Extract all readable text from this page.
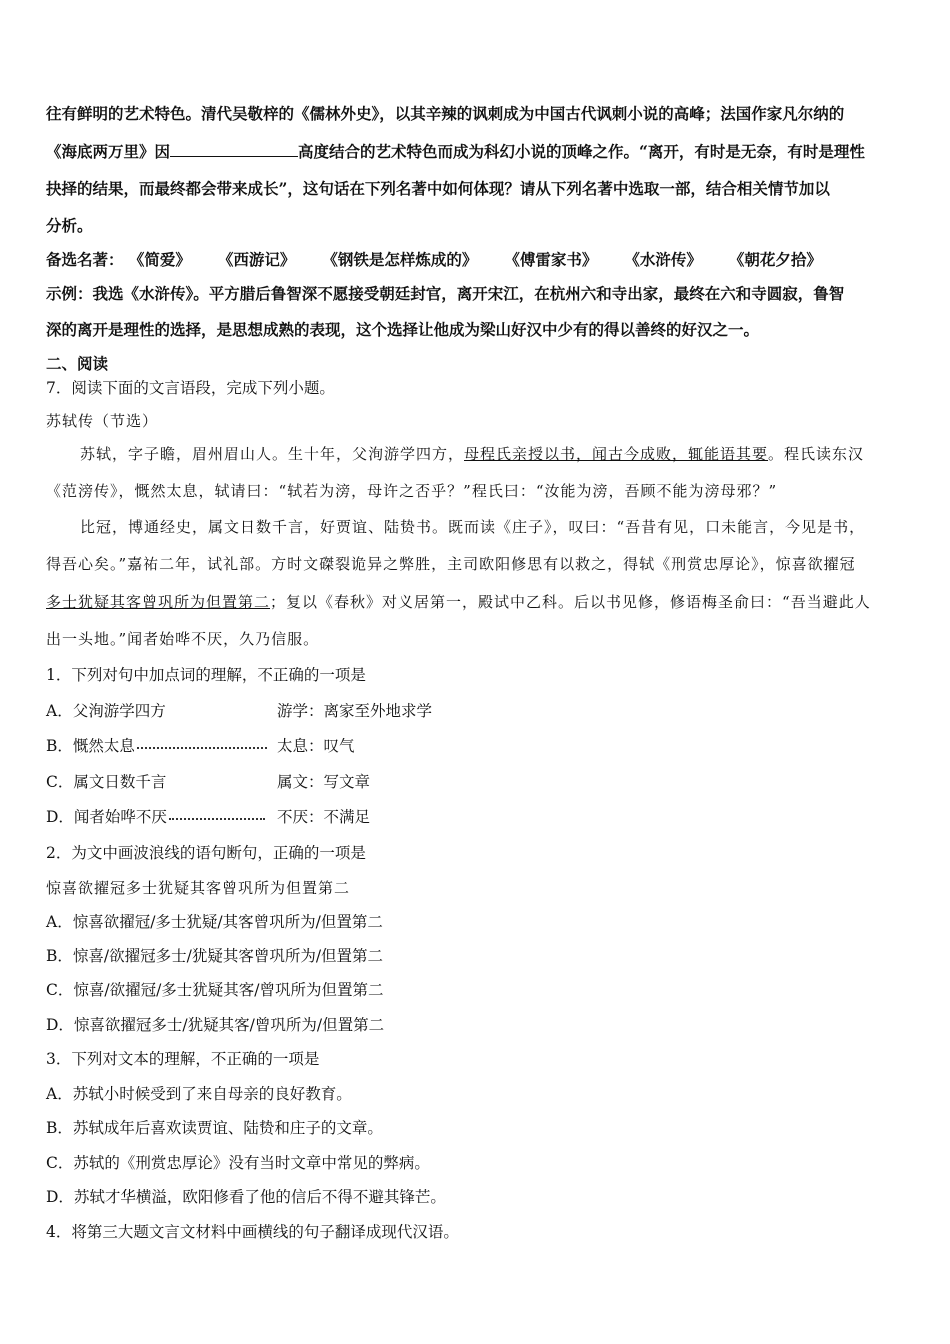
往有鲜明的艺术特色。清代吴敬梓的《儒林外史》，以其辛辣的讽刺成为中国古代讽刺小说的高峰；法国作家凡尔纳的
《海底两万里》因	高度结合的艺术特色而成为科幻小说的顶峰之作。“离开，有时是无奈，有时是理性
抉择的结果，而最终都会带来成长”，这句话在下列名著中如何体现？请从下列名著中选取一部，结合相关情节加以
分析。
备选名著： 《简爱》 《西游记》 《钢铁是怎样炼成的》 《傅雷家书》 《水浒传》 《朝花夕拾》
示例：我选《水浒传》。平方腊后鲁智深不愿接受朝廷封官，离开宋江，在杭州六和寺出家，最终在六和寺圆寂，鲁智
深的离开是理性的选择，是思想成熟的表现，这个选择让他成为梁山好汉中少有的得以善终的好汉之一。
二、阅读
7．阅读下面的文言语段，完成下列小题。
苏轼传（节选）
苏轼，字子瞻，眉州眉山人。生十年，父洵游学四方，母程氏亲授以书，闻古今成败，辄能语其要。程氏读东汉
《范滂传》，慨然太息，轼请曰：“轼若为滂，母许之否乎？”程氏曰：“汝能为滂，吾顾不能为滂母邪？”
比冠，博通经史，属文日数千言，好贾谊、陆贽书。既而读《庄子》，叹曰：“吾昔有见，口未能言，今见是书，
得吾心矣。”嘉祐二年，试礼部。方时文磔裂诡异之弊胜，主司欧阳修思有以救之，得轼《刑赏忠厚论》，惊喜欲擢冠
多士犹疑其客曾巩所为但置第二；复以《春秋》对义居第一，殿试中乙科。后以书见修，修语梅圣俞曰：“吾当避此人
出一头地。”闻者始哗不厌，久乃信服。
1．下列对句中加点词的理解，不正确的一项是
A．父洵游学四方	游学：离家至外地求学
B．慨然太息	太息：叹气
C．属文日数千言	属文：写文章
D．闻者始哗不厌	不厌：不满足
2．为文中画波浪线的语句断句，正确的一项是
惊喜欲擢冠多士犹疑其客曾巩所为但置第二
A．惊喜欲擢冠/多士犹疑/其客曾巩所为/但置第二
B．惊喜/欲擢冠多士/犹疑其客曾巩所为/但置第二
C．惊喜/欲擢冠/多士犹疑其客/曾巩所为但置第二
D．惊喜欲擢冠多士/犹疑其客/曾巩所为/但置第二
3．下列对文本的理解，不正确的一项是
A．苏轼小时候受到了来自母亲的良好教育。
B．苏轼成年后喜欢读贾谊、陆贽和庄子的文章。
C．苏轼的《刑赏忠厚论》没有当时文章中常见的弊病。
D．苏轼才华横溢，欧阳修看了他的信后不得不避其锋芒。
4．将第三大题文言文材料中画横线的句子翻译成现代汉语。
